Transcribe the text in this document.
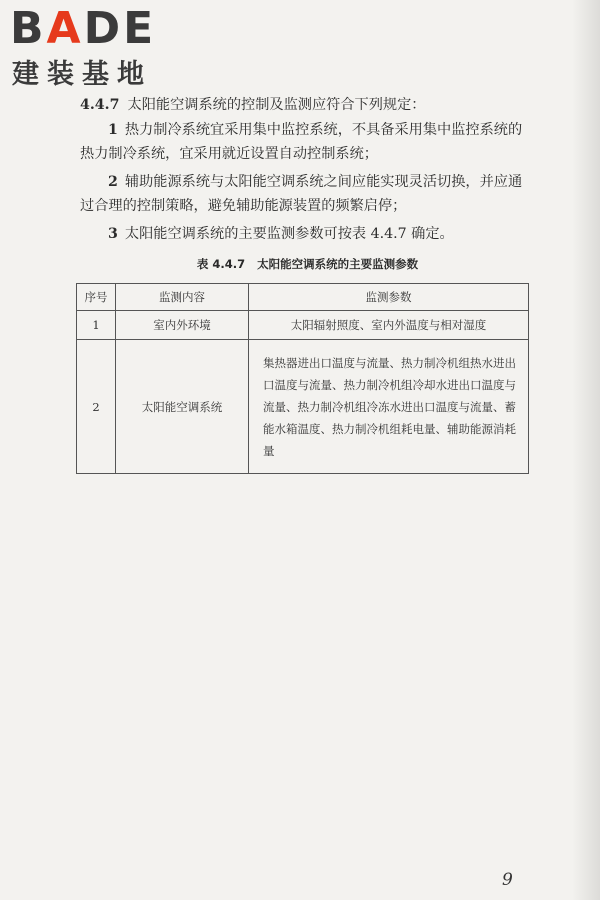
BADE
建装基地
4.4.7 太阳能空调系统的控制及监测应符合下列规定：
1 热力制冷系统宜采用集中监控系统，不具备采用集中监控系统的热力制冷系统，宜采用就近设置自动控制系统；
2 辅助能源系统与太阳能空调系统之间应能实现灵活切换，并应通过合理的控制策略，避免辅助能源装置的频繁启停；
3 太阳能空调系统的主要监测参数可按表 4.4.7 确定。
表 4.4.7 太阳能空调系统的主要监测参数
序号	监测内容	监测参数
1	室内外环境	太阳辐射照度、室内外温度与相对湿度
2	太阳能空调系统	集热器进出口温度与流量、热力制冷机组热水进出口温度与流量、热力制冷机组冷却水进出口温度与流量、热力制冷机组冷冻水进出口温度与流量、蓄能水箱温度、热力制冷机组耗电量、辅助能源消耗量
9
